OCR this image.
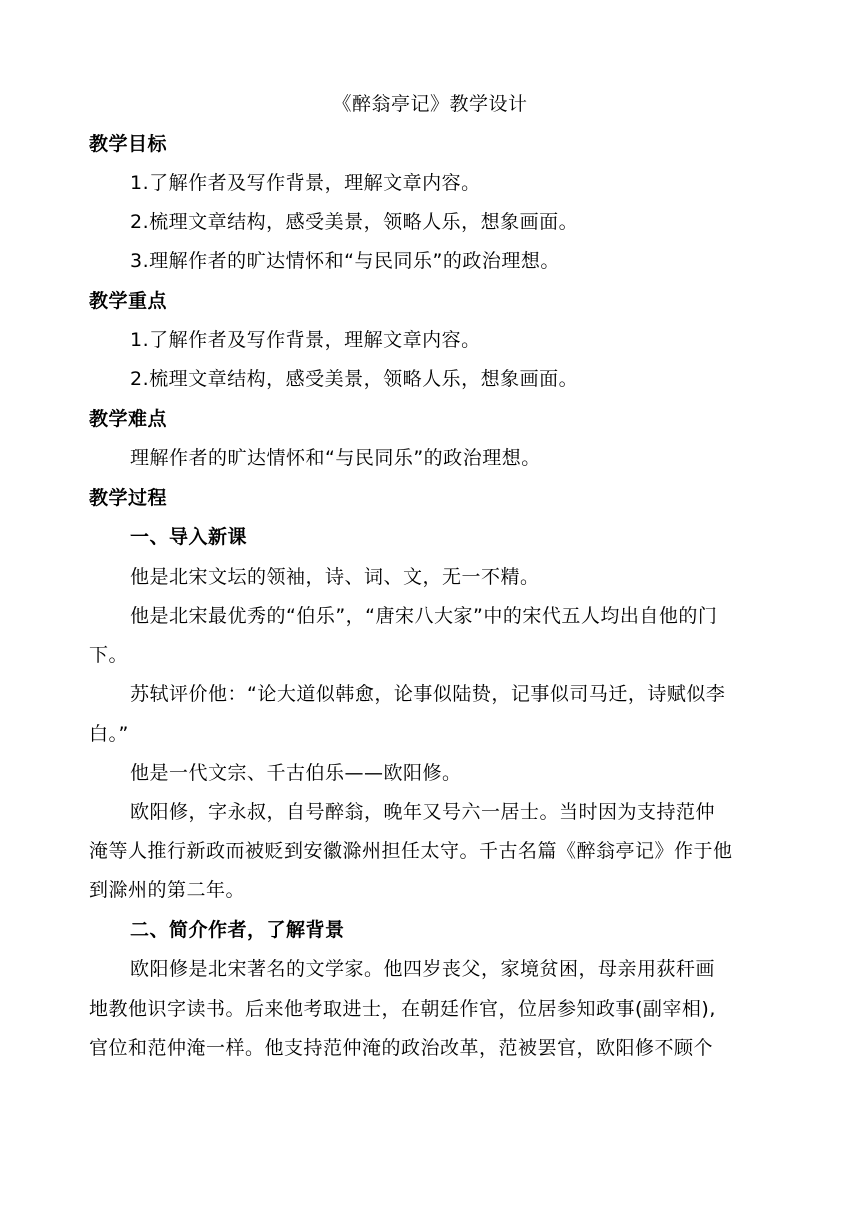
《醉翁亭记》教学设计
教学目标
1.了解作者及写作背景，理解文章内容。
2.梳理文章结构，感受美景，领略人乐，想象画面。
3.理解作者的旷达情怀和“与民同乐”的政治理想。
教学重点
1.了解作者及写作背景，理解文章内容。
2.梳理文章结构，感受美景，领略人乐，想象画面。
教学难点
理解作者的旷达情怀和“与民同乐”的政治理想。
教学过程
一、导入新课
他是北宋文坛的领袖，诗、词、文，无一不精。
他是北宋最优秀的“伯乐”，“唐宋八大家”中的宋代五人均出自他的门
下。
苏轼评价他：“论大道似韩愈，论事似陆贽，记事似司马迁，诗赋似李
白。”
他是一代文宗、千古伯乐——欧阳修。
欧阳修，字永叔，自号醉翁，晚年又号六一居士。当时因为支持范仲
淹等人推行新政而被贬到安徽滁州担任太守。千古名篇《醉翁亭记》作于他
到滁州的第二年。
二、简介作者，了解背景
欧阳修是北宋著名的文学家。他四岁丧父，家境贫困，母亲用荻秆画
地教他识字读书。后来他考取进士，在朝廷作官，位居参知政事(副宰相),
官位和范仲淹一样。他支持范仲淹的政治改革，范被罢官，欧阳修不顾个
